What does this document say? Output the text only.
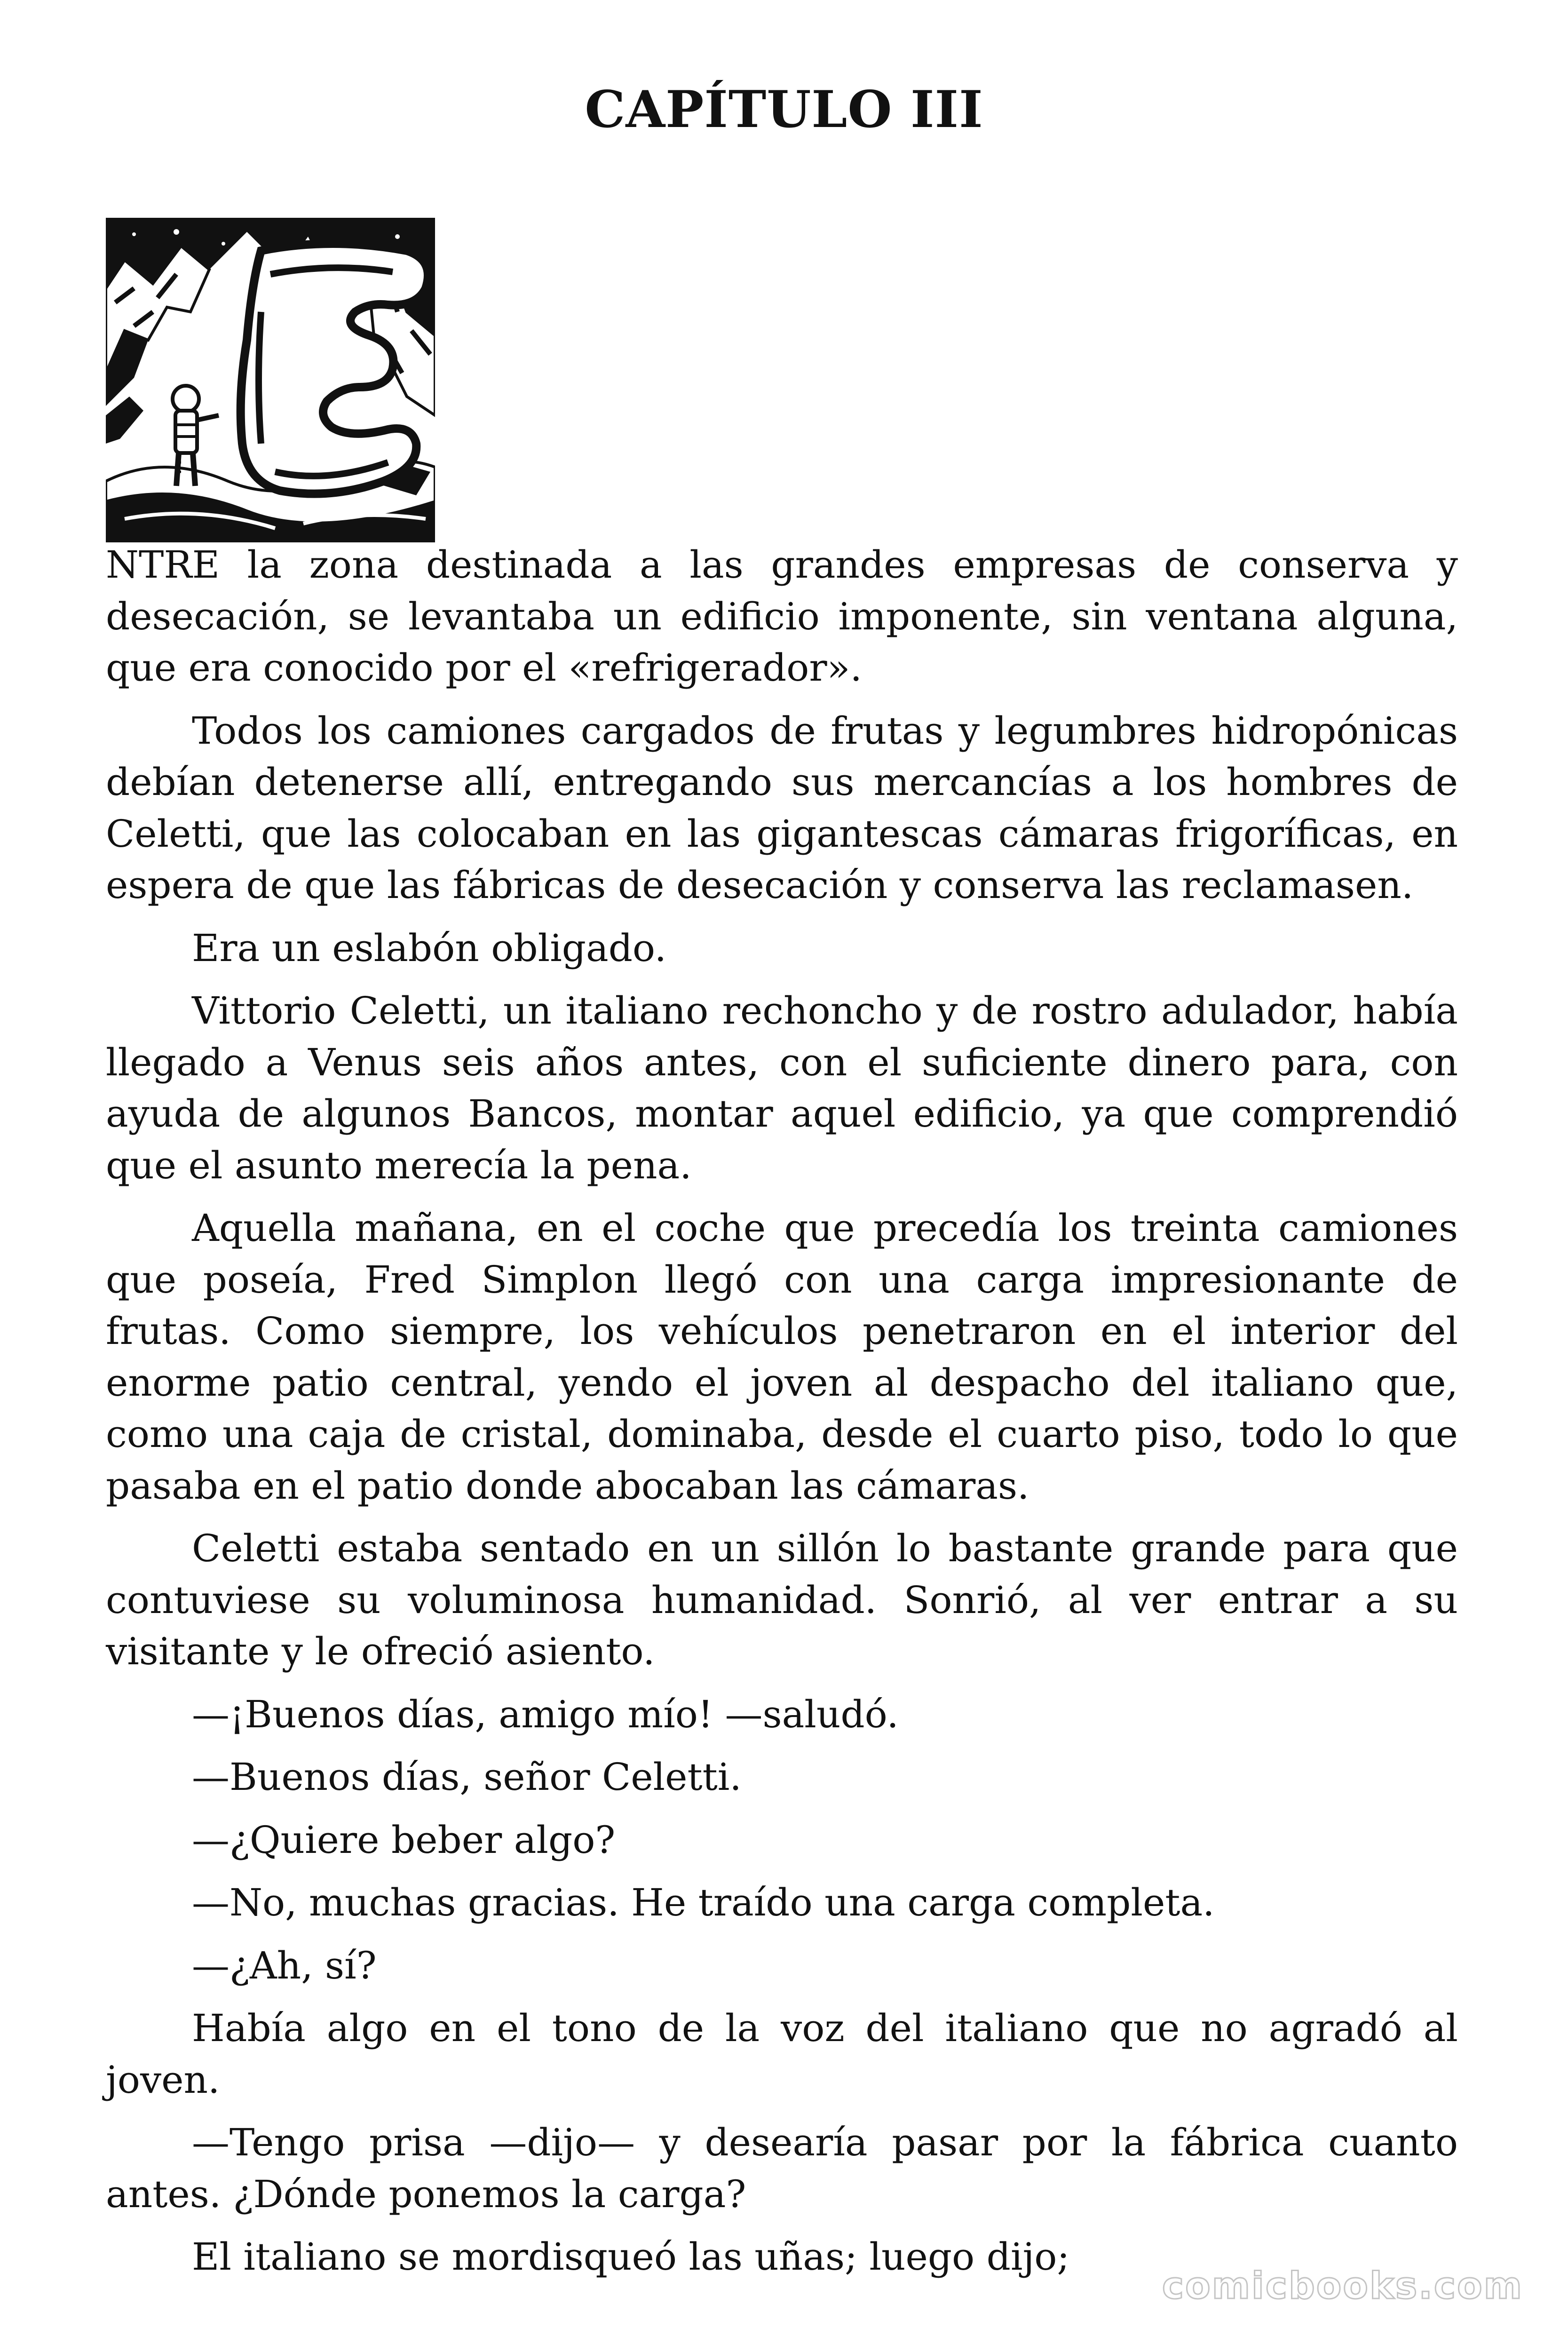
CAPÍTULO III

NTRE la zona destinada a las grandes empresas de conserva y desecación, se levantaba un edificio imponente, sin ventana alguna, que era conocido por el «refrigerador».

Todos los camiones cargados de frutas y legumbres hidropónicas debían detenerse allí, entregando sus mercancías a los hombres de Celetti, que las colocaban en las gigantescas cámaras frigoríficas, en espera de que las fábricas de desecación y conserva las reclamasen.

Era un eslabón obligado.

Vittorio Celetti, un italiano rechoncho y de rostro adulador, había llegado a Venus seis años antes, con el suficiente dinero para, con ayuda de algunos Bancos, montar aquel edificio, ya que comprendió que el asunto merecía la pena.

Aquella mañana, en el coche que precedía los treinta camiones que poseía, Fred Simplon llegó con una carga impresionante de frutas. Como siempre, los vehículos penetraron en el interior del enorme patio central, yendo el joven al despacho del italiano que, como una caja de cristal, dominaba, desde el cuarto piso, todo lo que pasaba en el patio donde abocaban las cámaras.

Celetti estaba sentado en un sillón lo bastante grande para que contuviese su voluminosa humanidad. Sonrió, al ver entrar a su visitante y le ofreció asiento.

—¡Buenos días, amigo mío! —saludó.

—Buenos días, señor Celetti.

—¿Quiere beber algo?

—No, muchas gracias. He traído una carga completa.

—¿Ah, sí?

Había algo en el tono de la voz del italiano que no agradó al joven.

—Tengo prisa —dijo— y desearía pasar por la fábrica cuanto antes. ¿Dónde ponemos la carga?

El italiano se mordisqueó las uñas; luego dijo;

comicbooks.com
